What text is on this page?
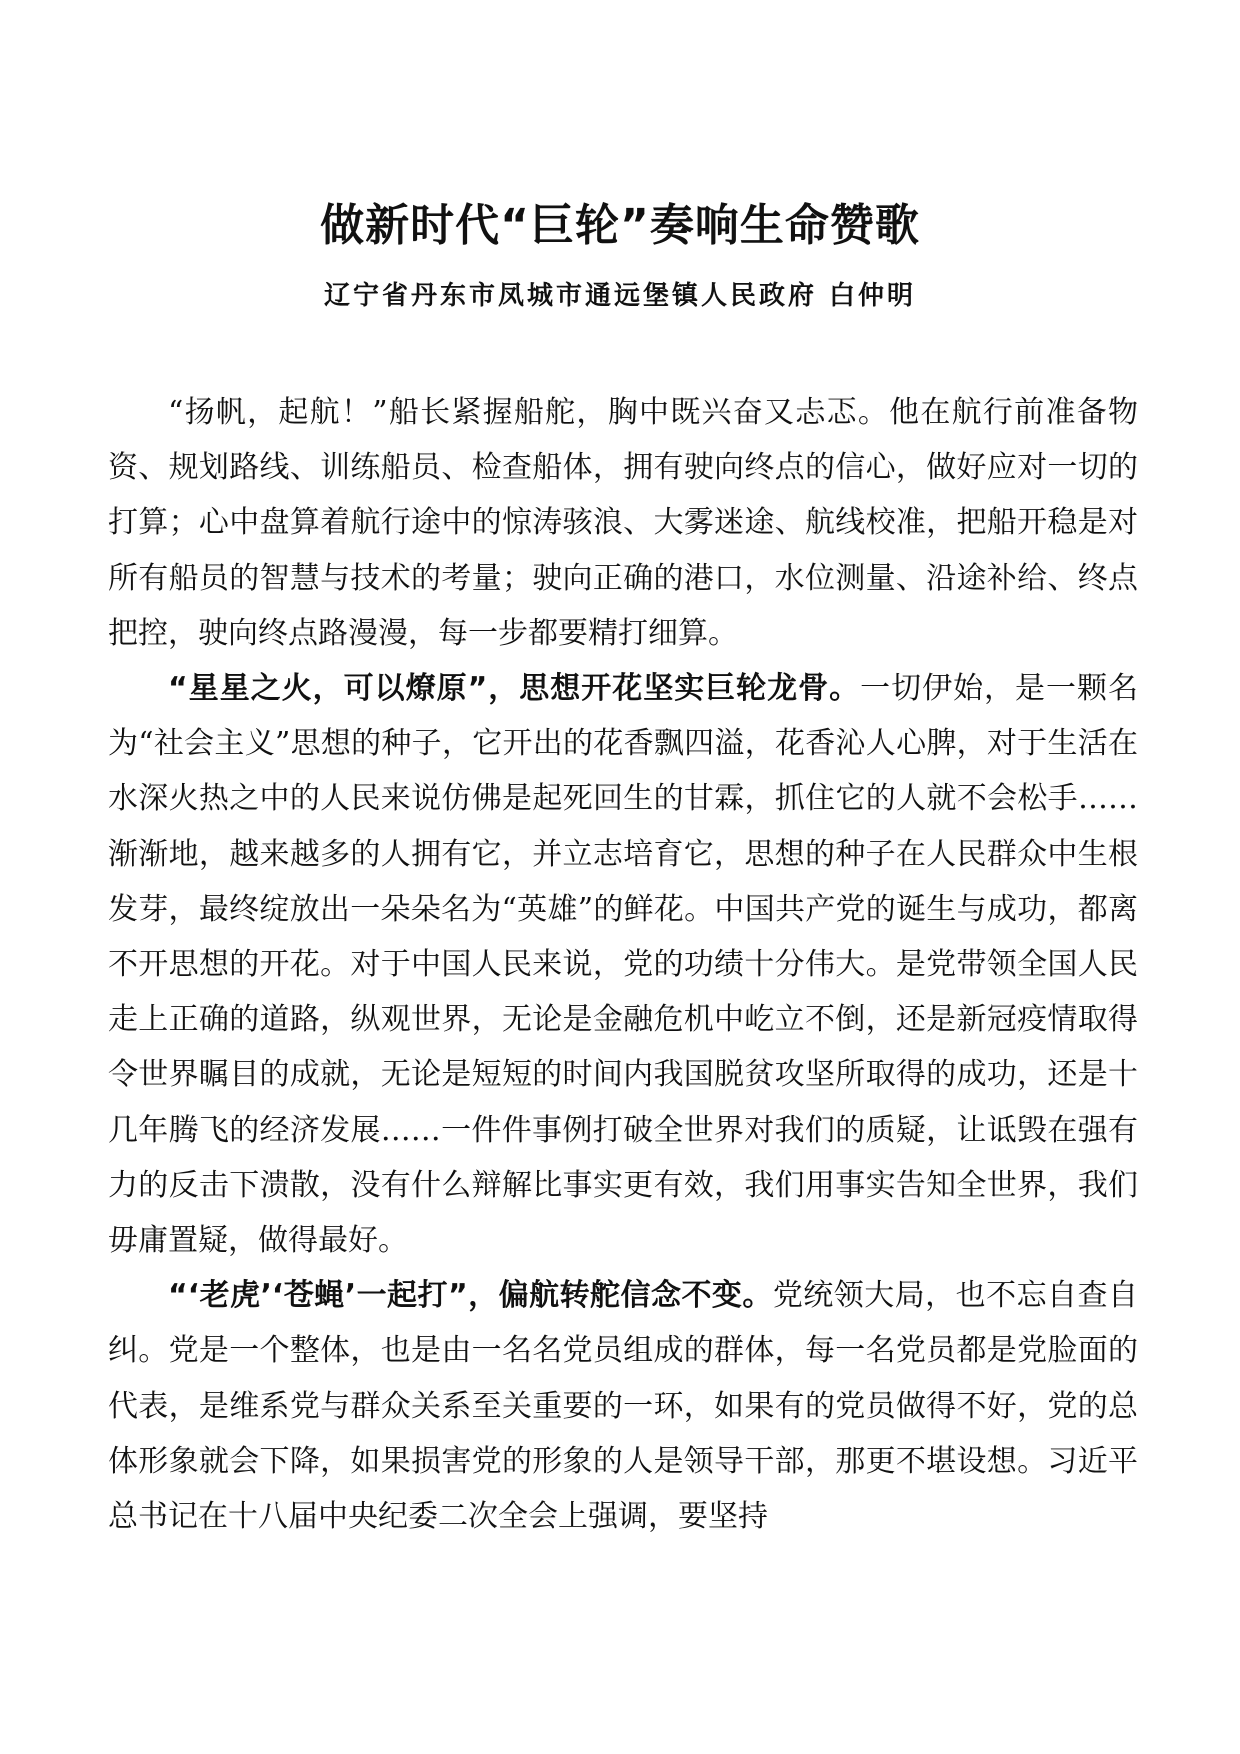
做新时代“巨轮”奏响生命赞歌
辽宁省丹东市凤城市通远堡镇人民政府 白仲明

“扬帆，起航！”船长紧握船舵，胸中既兴奋又忐忑。他在航行前准备物资、规划路线、训练船员、检查船体，拥有驶向终点的信心，做好应对一切的打算；心中盘算着航行途中的惊涛骇浪、大雾迷途、航线校准，把船开稳是对所有船员的智慧与技术的考量；驶向正确的港口，水位测量、沿途补给、终点把控，驶向终点路漫漫，每一步都要精打细算。

“星星之火，可以燎原”，思想开花坚实巨轮龙骨。一切伊始，是一颗名为“社会主义”思想的种子，它开出的花香飘四溢，花香沁人心脾，对于生活在水深火热之中的人民来说仿佛是起死回生的甘霖，抓住它的人就不会松手……渐渐地，越来越多的人拥有它，并立志培育它，思想的种子在人民群众中生根发芽，最终绽放出一朵朵名为“英雄”的鲜花。中国共产党的诞生与成功，都离不开思想的开花。对于中国人民来说，党的功绩十分伟大。是党带领全国人民走上正确的道路，纵观世界，无论是金融危机中屹立不倒，还是新冠疫情取得令世界瞩目的成就，无论是短短的时间内我国脱贫攻坚所取得的成功，还是十几年腾飞的经济发展……一件件事例打破全世界对我们的质疑，让诋毁在强有力的反击下溃散，没有什么辩解比事实更有效，我们用事实告知全世界，我们毋庸置疑，做得最好。

“‘老虎’‘苍蝇’一起打”，偏航转舵信念不变。党统领大局，也不忘自查自纠。党是一个整体，也是由一名名党员组成的群体，每一名党员都是党脸面的代表，是维系党与群众关系至关重要的一环，如果有的党员做得不好，党的总体形象就会下降，如果损害党的形象的人是领导干部，那更不堪设想。习近平总书记在十八届中央纪委二次全会上强调，要坚持
